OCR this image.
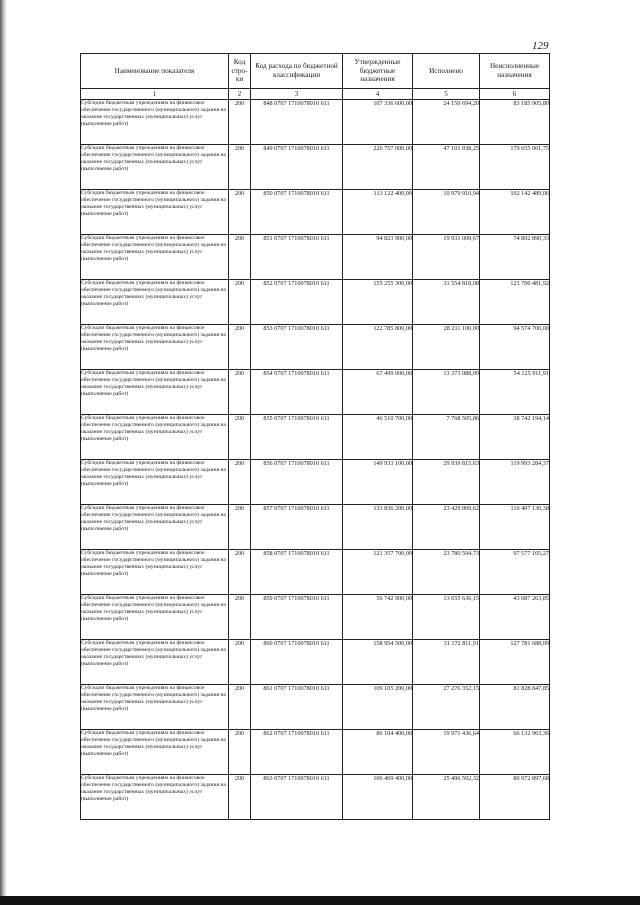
129
Наименование показателя	Код стро-ки	Код расхода по бюджетной классификации	Утвержденные бюджетные назначения	Исполнено	Неисполненные назначения
1	2	3	4	5	6
Субсидии бюджетным учреждениям на финансовое обеспечение государственного (муниципального) задания на оказание государственных (муниципальных) услуг (выполнение работ)	200	848 0707 1710078010 611	107 336 600,00	24 150 694,20	83 185 905,80
Субсидии бюджетным учреждениям на финансовое обеспечение государственного (муниципального) задания на оказание государственных (муниципальных) услуг (выполнение работ)	200	849 0707 1710078010 611	226 757 000,00	47 101 938,25	179 655 061,75
Субсидии бюджетным учреждениям на финансовое обеспечение государственного (муниципального) задания на оказание государственных (муниципальных) услуг (выполнение работ)	200	850 0707 1710078010 611	113 122 400,00	10 979 910,94	102 142 489,06
Субсидии бюджетным учреждениям на финансовое обеспечение государственного (муниципального) задания на оказание государственных (муниципальных) услуг (выполнение работ)	200	851 0707 1710078010 611	94 823 900,00	19 931 009,67	74 892 890,33
Субсидии бюджетным учреждениям на финансовое обеспечение государственного (муниципального) задания на оказание государственных (муниципальных) услуг (выполнение работ)	200	852 0707 1710078010 611	155 255 300,00	31 554 818,08	123 700 481,92
Субсидии бюджетным учреждениям на финансовое обеспечение государственного (муниципального) задания на оказание государственных (муниципальных) услуг (выполнение работ)	200	853 0707 1710078010 611	122 785 800,00	28 211 100,00	94 574 700,00
Субсидии бюджетным учреждениям на финансовое обеспечение государственного (муниципального) задания на оказание государственных (муниципальных) услуг (выполнение работ)	200	854 0707 1710078010 611	67 499 000,00	13 373 088,09	54 125 911,91
Субсидии бюджетным учреждениям на финансовое обеспечение государственного (муниципального) задания на оказание государственных (муниципальных) услуг (выполнение работ)	200	855 0707 1710078010 611	46 510 700,00	7 768 505,86	38 742 194,14
Субсидии бюджетным учреждениям на финансовое обеспечение государственного (муниципального) задания на оказание государственных (муниципальных) услуг (выполнение работ)	200	856 0707 1710078010 611	149 933 100,00	29 939 815,63	119 993 284,37
Субсидии бюджетным учреждениям на финансовое обеспечение государственного (муниципального) задания на оказание государственных (муниципальных) услуг (выполнение работ)	200	857 0707 1710078010 611	133 836 200,00	23 429 069,62	110 407 130,38
Субсидии бюджетным учреждениям на финансовое обеспечение государственного (муниципального) задания на оказание государственных (муниципальных) услуг (выполнение работ)	200	858 0707 1710078010 611	121 357 700,00	23 780 594,73	97 577 105,27
Субсидии бюджетным учреждениям на финансовое обеспечение государственного (муниципального) задания на оказание государственных (муниципальных) услуг (выполнение работ)	200	859 0707 1710078010 611	56 742 900,00	13 655 636,15	43 087 263,85
Субсидии бюджетным учреждениям на финансовое обеспечение государственного (муниципального) задания на оказание государственных (муниципальных) услуг (выполнение работ)	200	860 0707 1710078010 611	158 954 500,00	31 172 811,91	127 781 688,09
Субсидии бюджетным учреждениям на финансовое обеспечение государственного (муниципального) задания на оказание государственных (муниципальных) услуг (выполнение работ)	200	861 0707 1710078010 611	109 105 200,00	27 276 352,15	81 828 847,85
Субсидии бюджетным учреждениям на финансовое обеспечение государственного (муниципального) задания на оказание государственных (муниципальных) услуг (выполнение работ)	200	862 0707 1710078010 611	86 104 400,00	19 971 436,64	66 132 963,36
Субсидии бюджетным учреждениям на финансовое обеспечение государственного (муниципального) задания на оказание государственных (муниципальных) услуг (выполнение работ)	200	863 0707 1710078010 611	106 469 400,00	25 496 502,32	80 972 897,68
